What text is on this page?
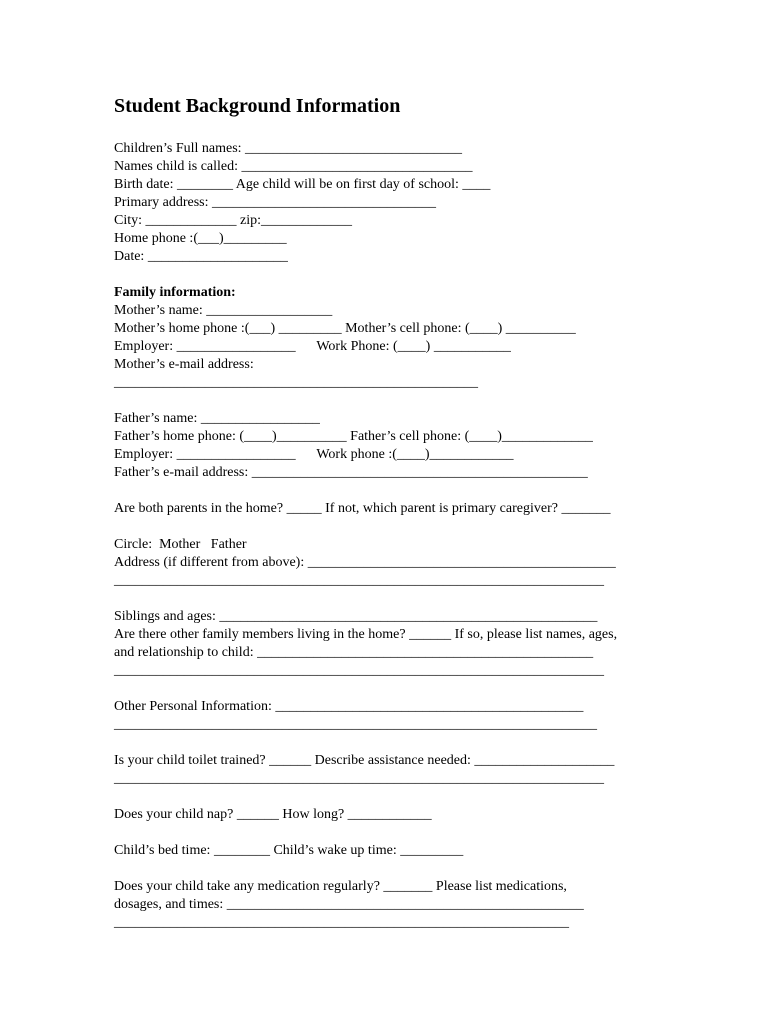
Student Background Information
Children’s Full names: _______________________________
Names child is called: _________________________________
Birth date: ________ Age child will be on first day of school: ____
Primary address: ________________________________
City: _____________ zip:_____________
Home phone :(___)_________
Date: ____________________
Family information:
Mother’s name: __________________
Mother’s home phone :(___) _________ Mother’s cell phone: (____) __________
Employer: _________________      Work Phone: (____) ___________
Mother’s e-mail address:
____________________________________________________
Father’s name: _________________
Father’s home phone: (____)__________ Father’s cell phone: (____)_____________
Employer: _________________      Work phone :(____)____________
Father’s e-mail address: ________________________________________________
Are both parents in the home? _____ If not, which parent is primary caregiver? _______
Circle:  Mother   Father
Address (if different from above): ____________________________________________
______________________________________________________________________
Siblings and ages: ______________________________________________________
Are there other family members living in the home? ______ If so, please list names, ages,
and relationship to child: ________________________________________________
______________________________________________________________________
Other Personal Information: ____________________________________________
_____________________________________________________________________
Is your child toilet trained? ______ Describe assistance needed: ____________________
______________________________________________________________________
Does your child nap? ______ How long? ____________
Child’s bed time: ________ Child’s wake up time: _________
Does your child take any medication regularly? _______ Please list medications,
dosages, and times: ___________________________________________________
_________________________________________________________________
